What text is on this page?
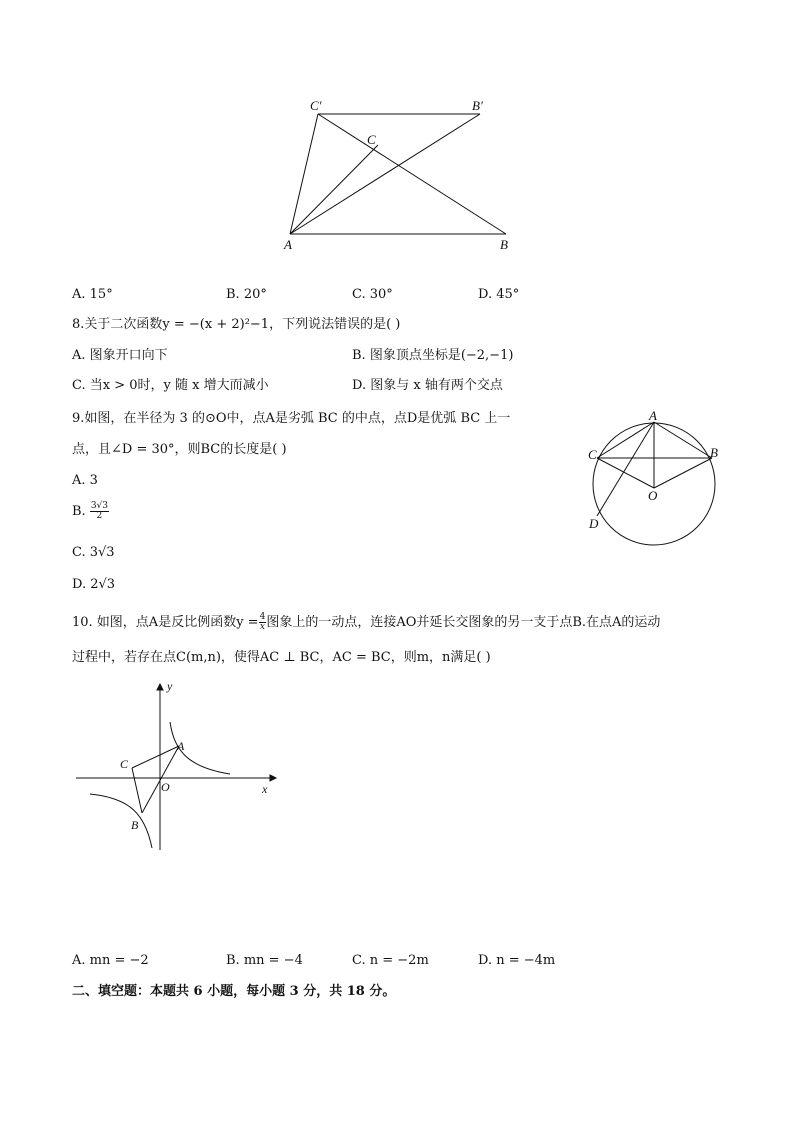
C′	B′
C
A	B
A. 15°	B. 20°	C. 30°	D. 45°
8.关于二次函数y = −(x + 2)²−1，下列说法错误的是( )
A. 图象开口向下	B. 图象顶点坐标是(−2,−1)
C. 当x > 0时，y 随 x 增大而减小	D. 图象与 x 轴有两个交点
9.如图，在半径为 3 的⊙O中，点A是劣弧 BC 的中点，点D是优弧 BC 上一
点，且∠D = 30°，则BC的长度是( )
A. 3
B. $\frac{3√3}{2}$
C. 3√3
D. 2√3
A
B
C
O
D
10. 如图，点A是反比例函数$y = \frac{4}{x}$ 图象上的一动点，连接AO并延长交图象的另一支于点B.在点A的运动
过程中，若存在点C(m,n)，使得AC ⊥ BC，AC = BC，则m，n满足( )
y
x
A
C
O
B
A. mn = −2	B. mn = −4	C. n = −2m	D. n = −4m
二、填空题：本题共 6 小题，每小题 3 分，共 18 分。
